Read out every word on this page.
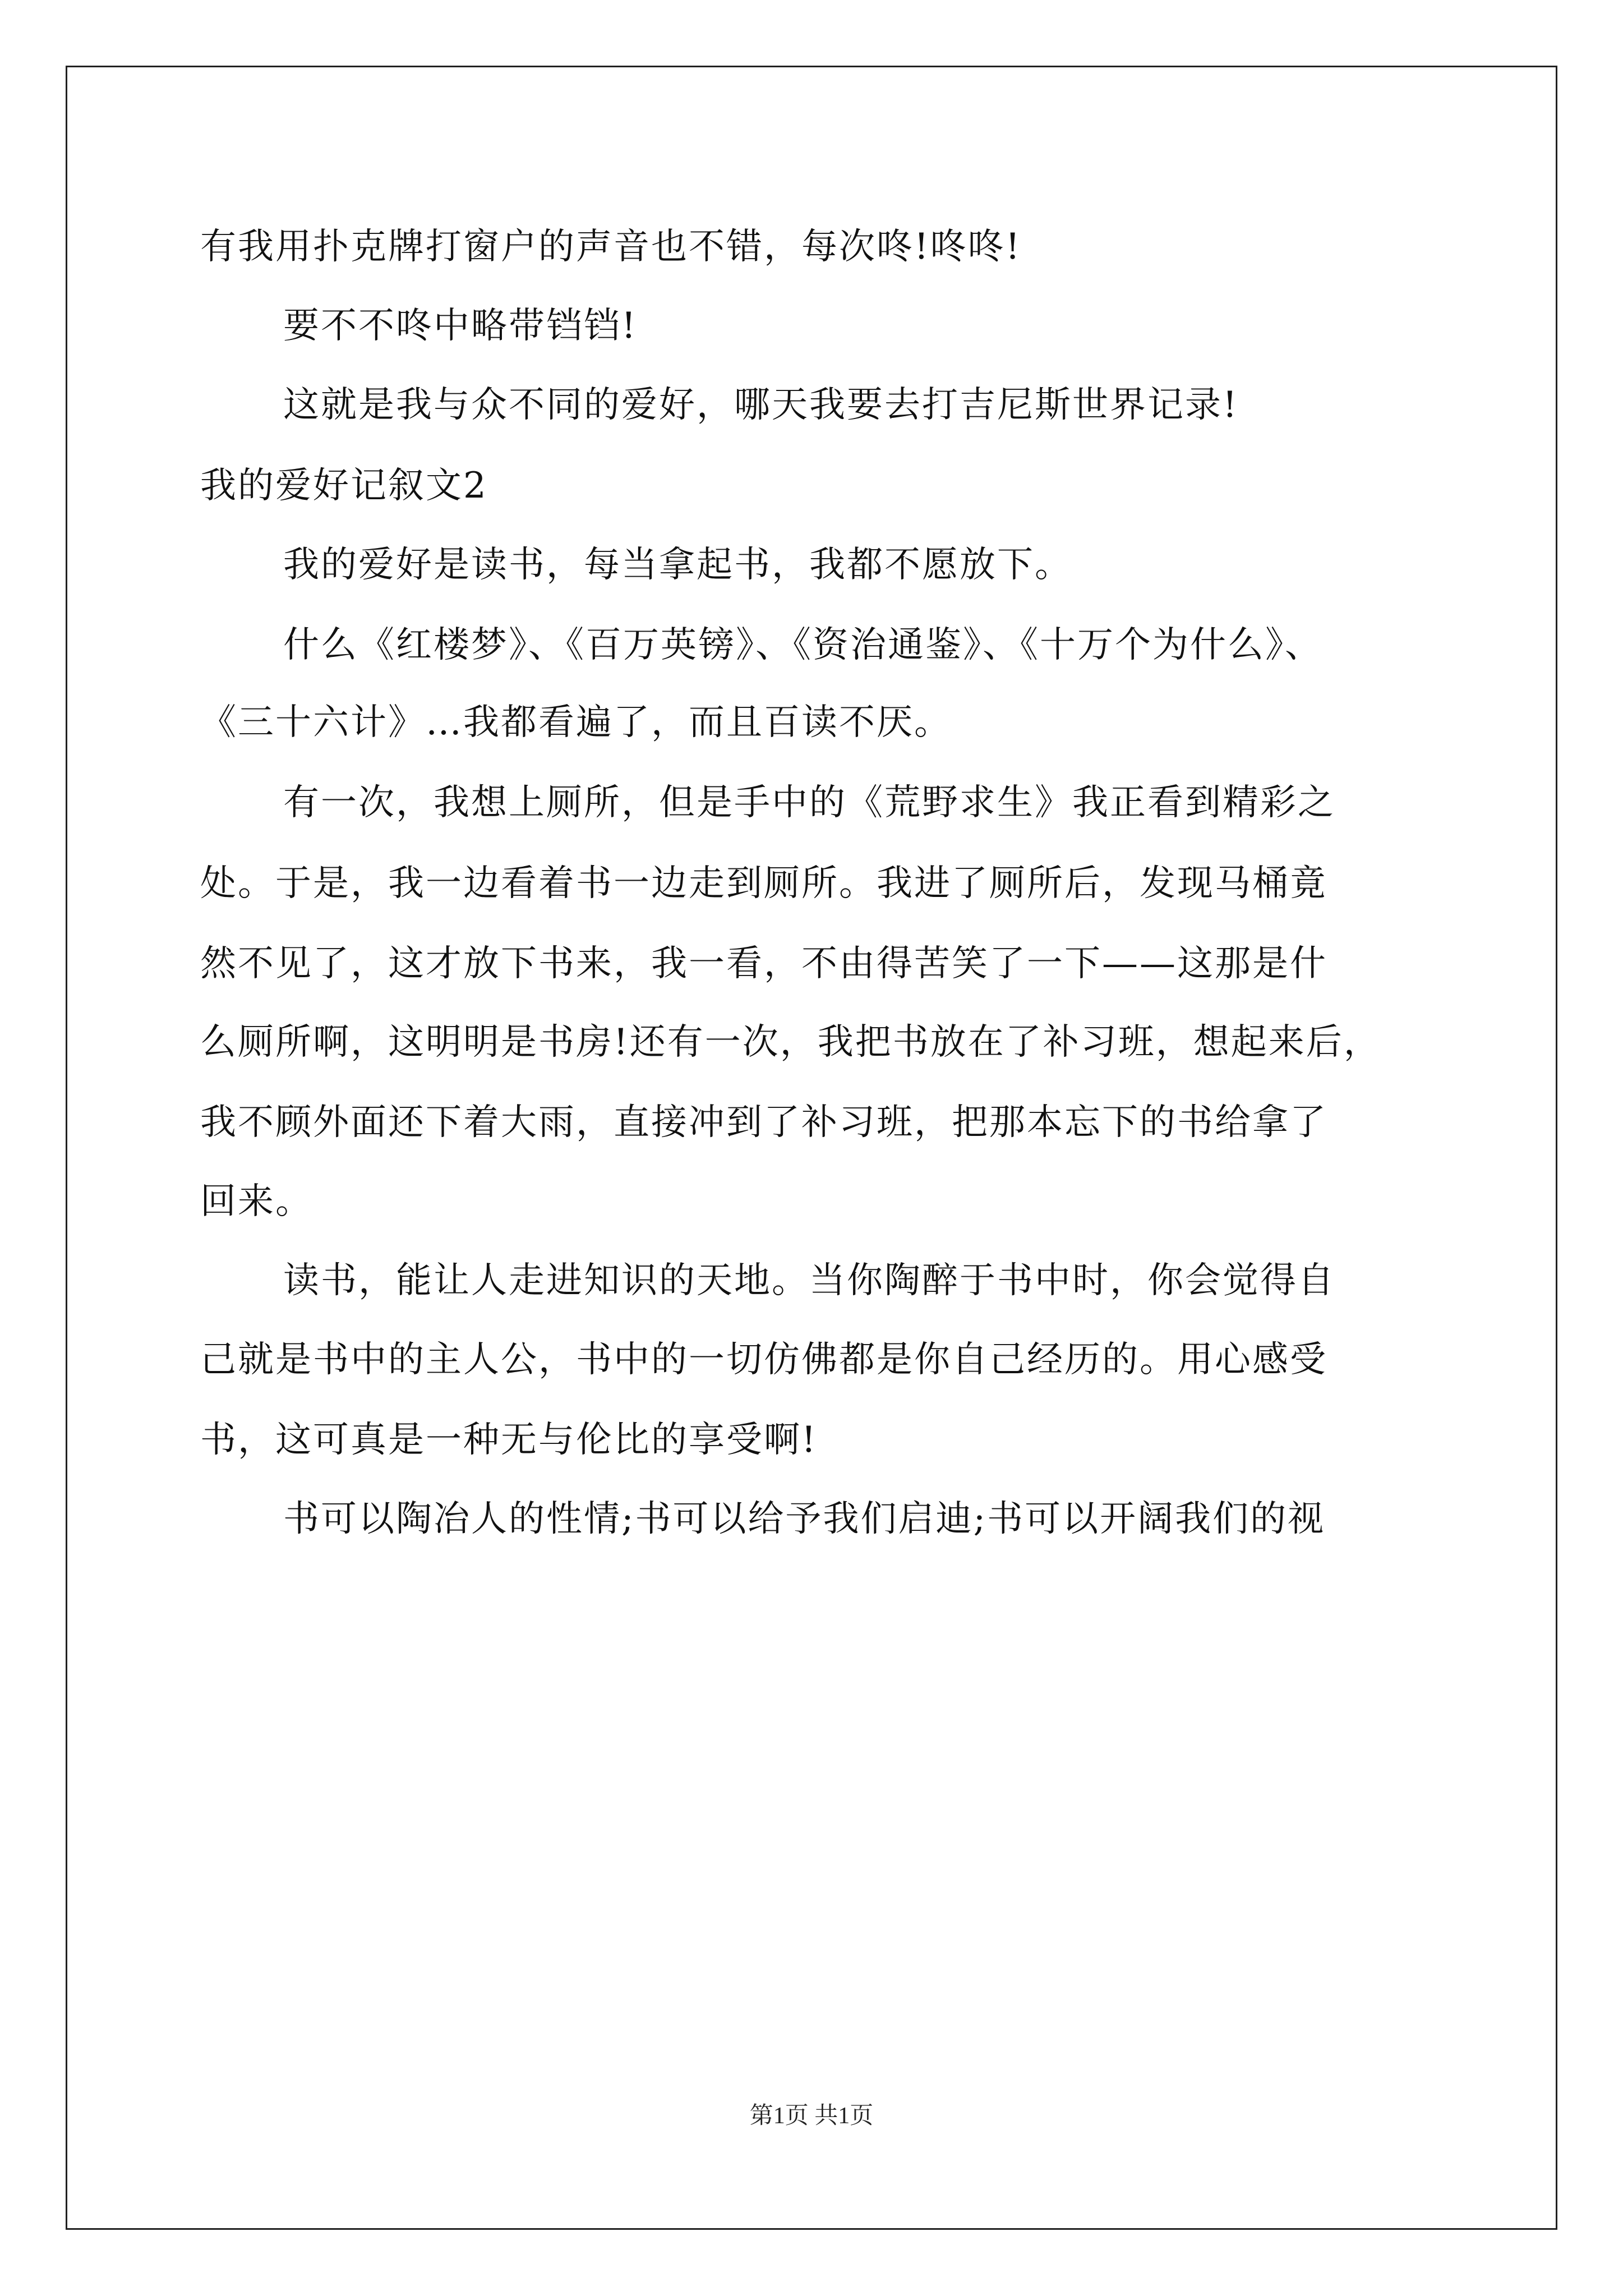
有我用扑克牌打窗户的声音也不错，每次咚!咚咚!
要不不咚中略带铛铛!
这就是我与众不同的爱好，哪天我要去打吉尼斯世界记录!
我的爱好记叙文2
我的爱好是读书，每当拿起书，我都不愿放下。
什么《红楼梦》、《百万英镑》、《资治通鉴》、《十万个为什么》、
《三十六计》…我都看遍了，而且百读不厌。
有一次，我想上厕所，但是手中的《荒野求生》我正看到精彩之
处。于是，我一边看着书一边走到厕所。我进了厕所后，发现马桶竟
然不见了，这才放下书来，我一看，不由得苦笑了一下——这那是什
么厕所啊，这明明是书房!还有一次，我把书放在了补习班，想起来后，
我不顾外面还下着大雨，直接冲到了补习班，把那本忘下的书给拿了
回来。
读书，能让人走进知识的天地。当你陶醉于书中时，你会觉得自
己就是书中的主人公，书中的一切仿佛都是你自己经历的。用心感受
书，这可真是一种无与伦比的享受啊!
书可以陶冶人的性情;书可以给予我们启迪;书可以开阔我们的视
第1页 共1页
